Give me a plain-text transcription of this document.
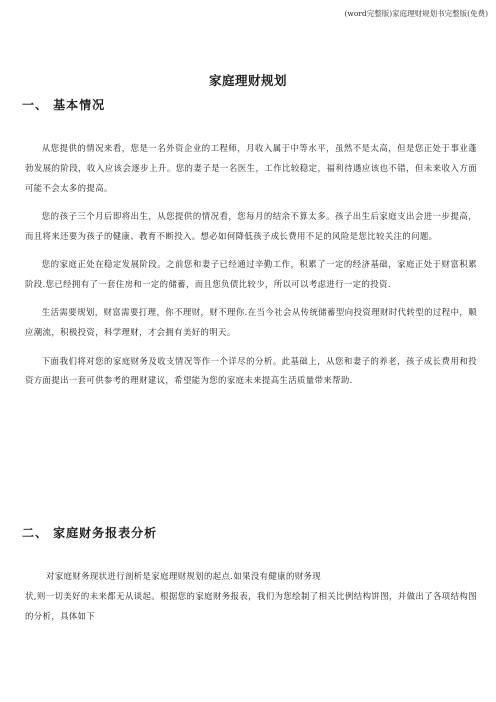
(word完整版)家庭理财规划书完整版(免费)
家庭理财规划
一、 基本情况

从您提供的情况来看，您是一名外资企业的工程师，月收入属于中等水平，虽然不是太高，但是您正处于事业蓬勃发展的阶段，收入应该会逐步上升。您的妻子是一名医生，工作比较稳定，福利待遇应该也不错，但未来收入方面可能不会太多的提高。

您的孩子三个月后即将出生，从您提供的情况看，您每月的结余不算太多。孩子出生后家庭支出会进一步提高，而且将来还要为孩子的健康、教育不断投入。想必如何降低孩子成长费用不足的风险是您比较关注的问题。

您的家庭正处在稳定发展阶段。之前您和妻子已经通过辛勤工作，积累了一定的经济基础，家庭正处于财富积累阶段.您已经拥有了一套住房和一定的储蓄，而且您负债比较少，所以可以考虑进行一定的投资.

生活需要规划，财富需要打理，你不理财，财不理你.在当今社会从传统储蓄型向投资理财时代转型的过程中，顺应潮流，积极投资，科学理财，才会拥有美好的明天。

下面我们将对您的家庭财务及收支情况等作一个详尽的分析。此基础上，从您和妻子的养老，孩子成长费用和投资方面提出一套可供参考的理财建议，希望能为您的家庭未来提高生活质量带来帮助.

二、 家庭财务报表分析

对家庭财务现状进行剖析是家庭理财规划的起点.如果没有健康的财务现
状,则一切美好的未来都无从谈起。根据您的家庭财务报表，我们为您绘制了相关比例结构饼图，并做出了各项结构图的分析，具体如下
